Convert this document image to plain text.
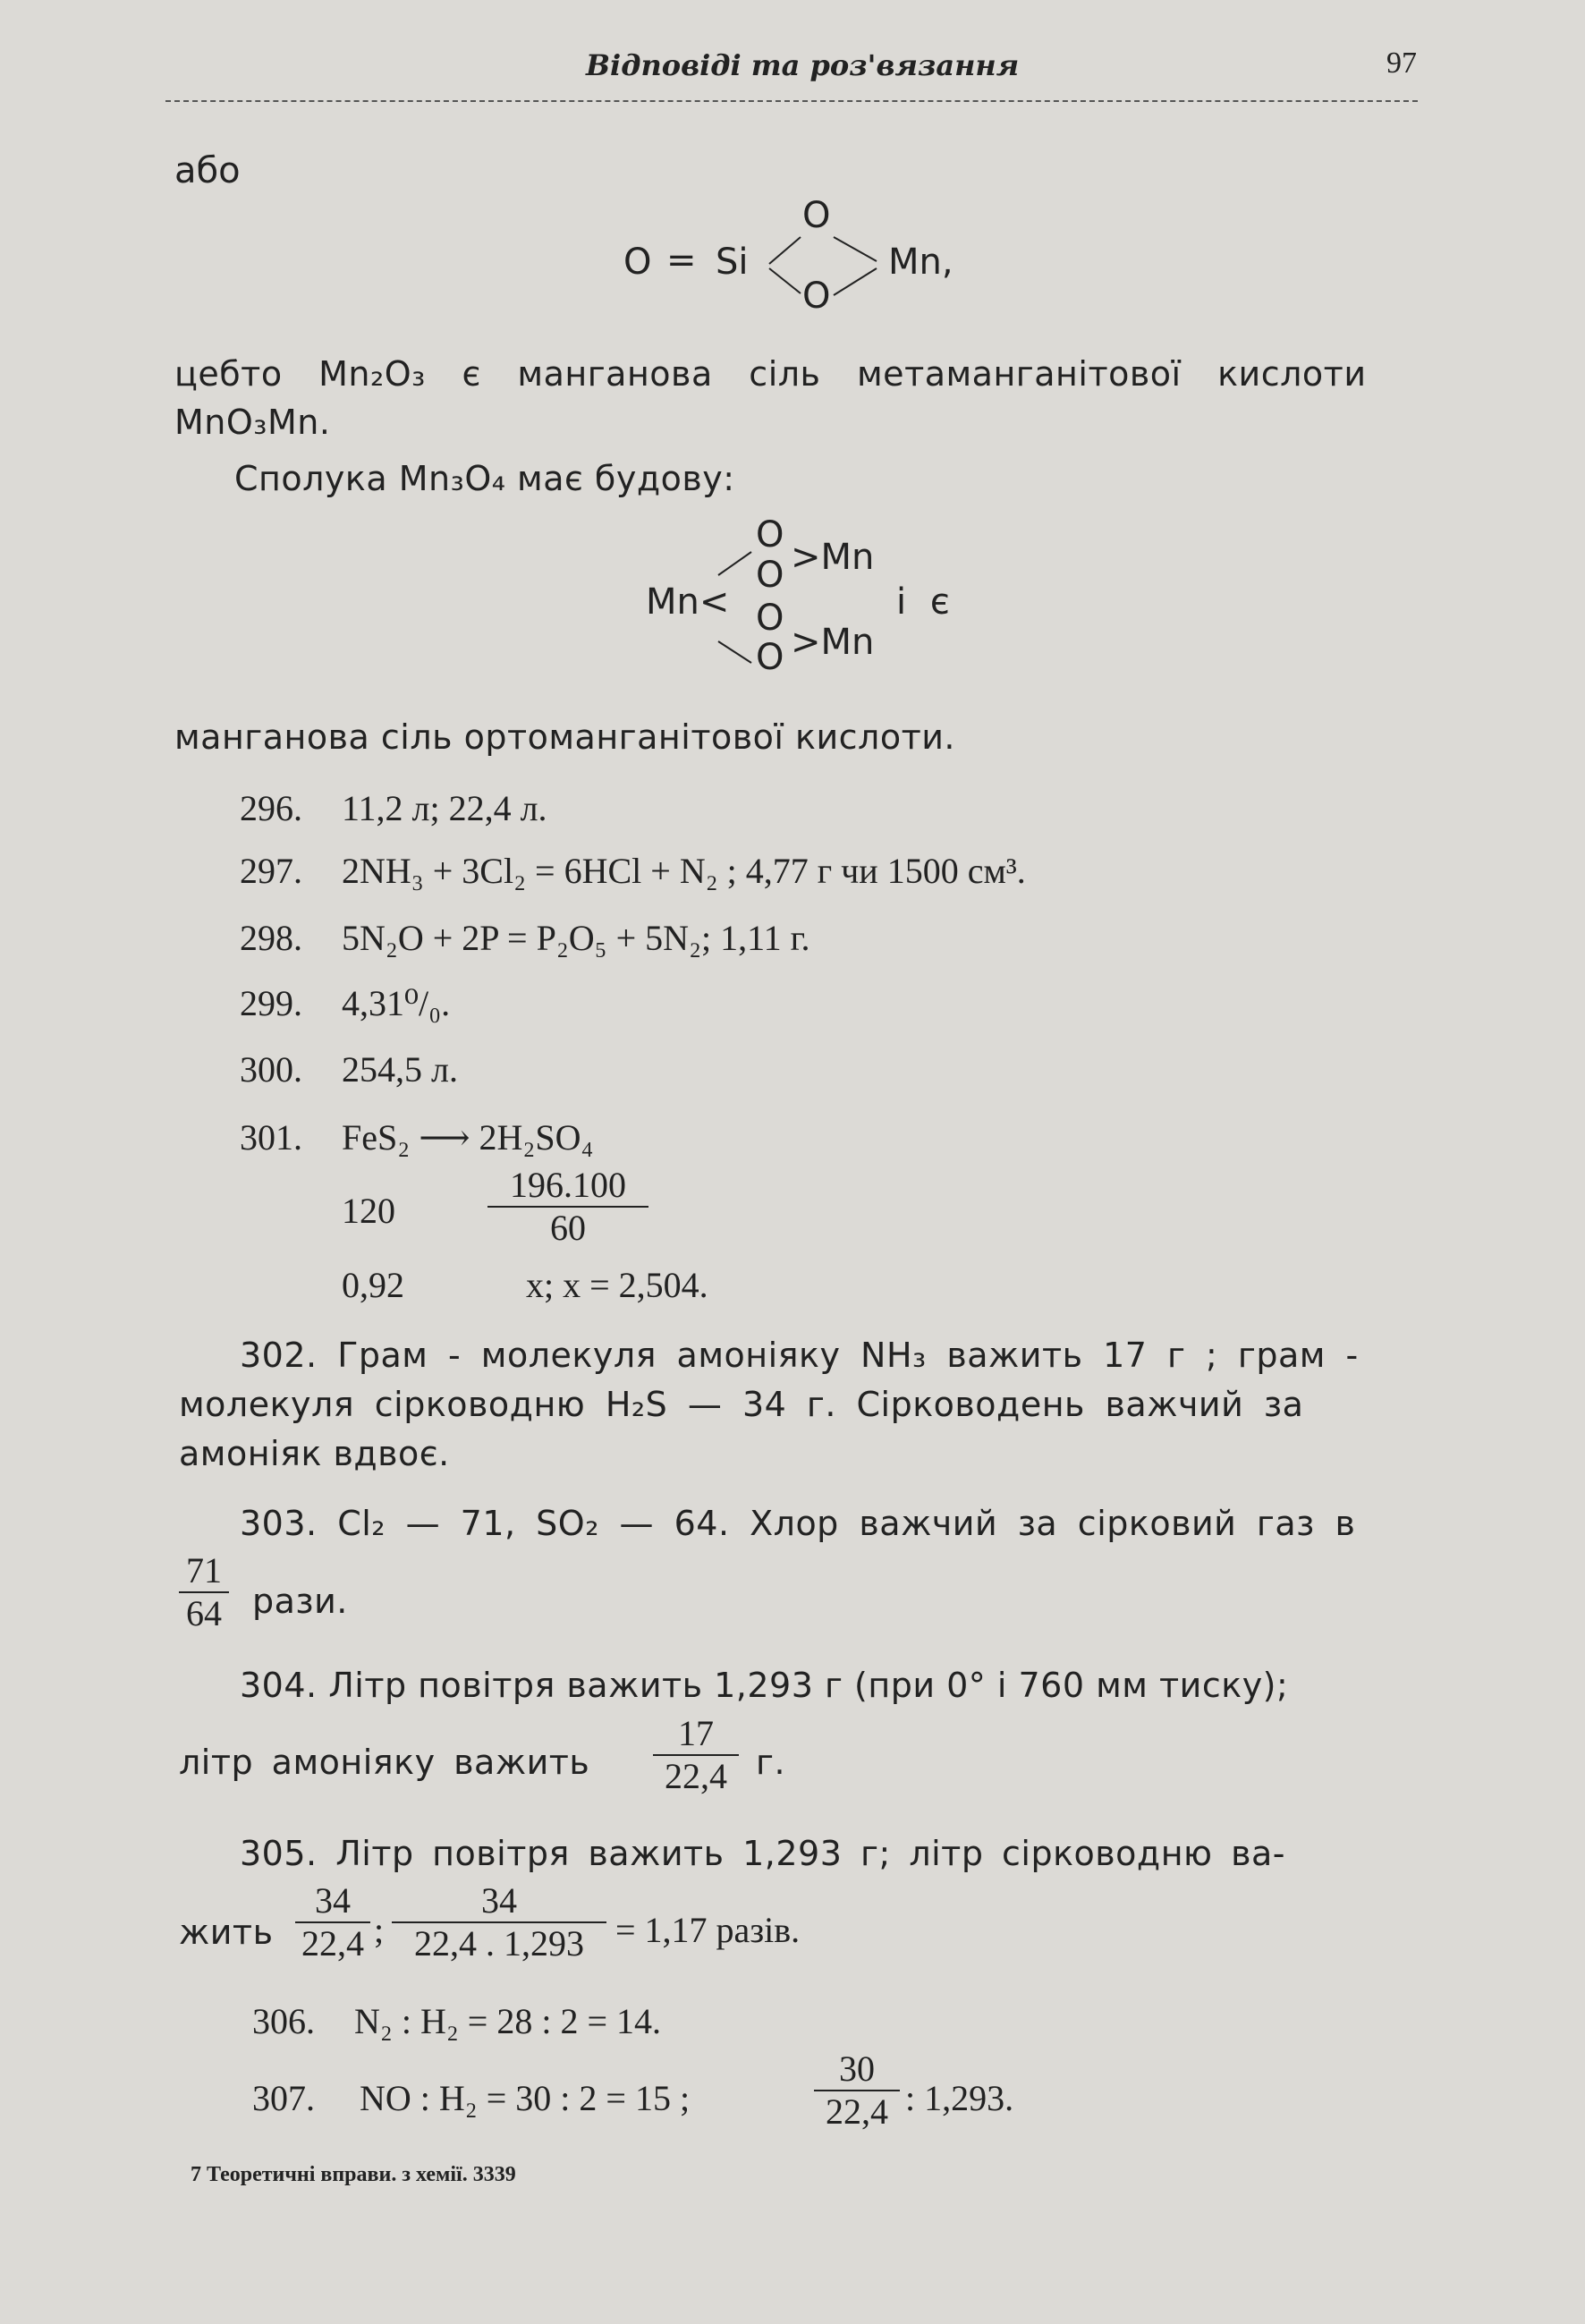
Відповіді та роз'вязання	97
або
O = Si
O
O
Mn,
цебто Mn₂O₃ є манганова сіль метаманганітової кислоти
MnO₃Mn.
Сполука Mn₃O₄ має будову:
O
O
O
O
Mn<
>Mn
>Mn
і є
манганова сіль ортоманганітової кислоти.
296. 11,2 л; 22,4 л.
297. 2NH₃ + 3Cl₂ = 6HCl + N₂ ; 4,77 г чи 1500 см³.
298. 5N₂O + 2P = P₂O₅ + 5N₂; 1,11 г.
299. 4,31⁰/₀.
300. 254,5 л.
301. FeS₂ ⟶ 2H₂SO₄
120	$\frac{196.100}{60}$
0,92	x; x = 2,504.
302. Грам - молекуля амоніяку NH₃ важить 17 г ; грам -
молекуля сірководню H₂S — 34 г. Сірководень важчий за
амоніяк вдвоє.
303. Cl₂ — 71, SO₂ — 64. Хлор важчий за сірковий газ в
$\frac{71}{64}$ рази.
304. Літр повітря важить 1,293 г (при 0° і 760 мм тиску);
літр амоніяку важить $\frac{17}{22,4} г$.
305. Літр повітря важить 1,293 г; літр сірководню ва-
жить $\frac{34}{22,4}$ ; $\frac{34}{22,4 . 1,293} = 1,17$ разів.
306. N₂ : H₂ = 28 : 2 = 14.
307. NO : H₂ = 30 : 2 = 15 ;	$\frac{30}{22,4}$ : 1,293.
7 Теоретичні вправи. з хемії. 3339
